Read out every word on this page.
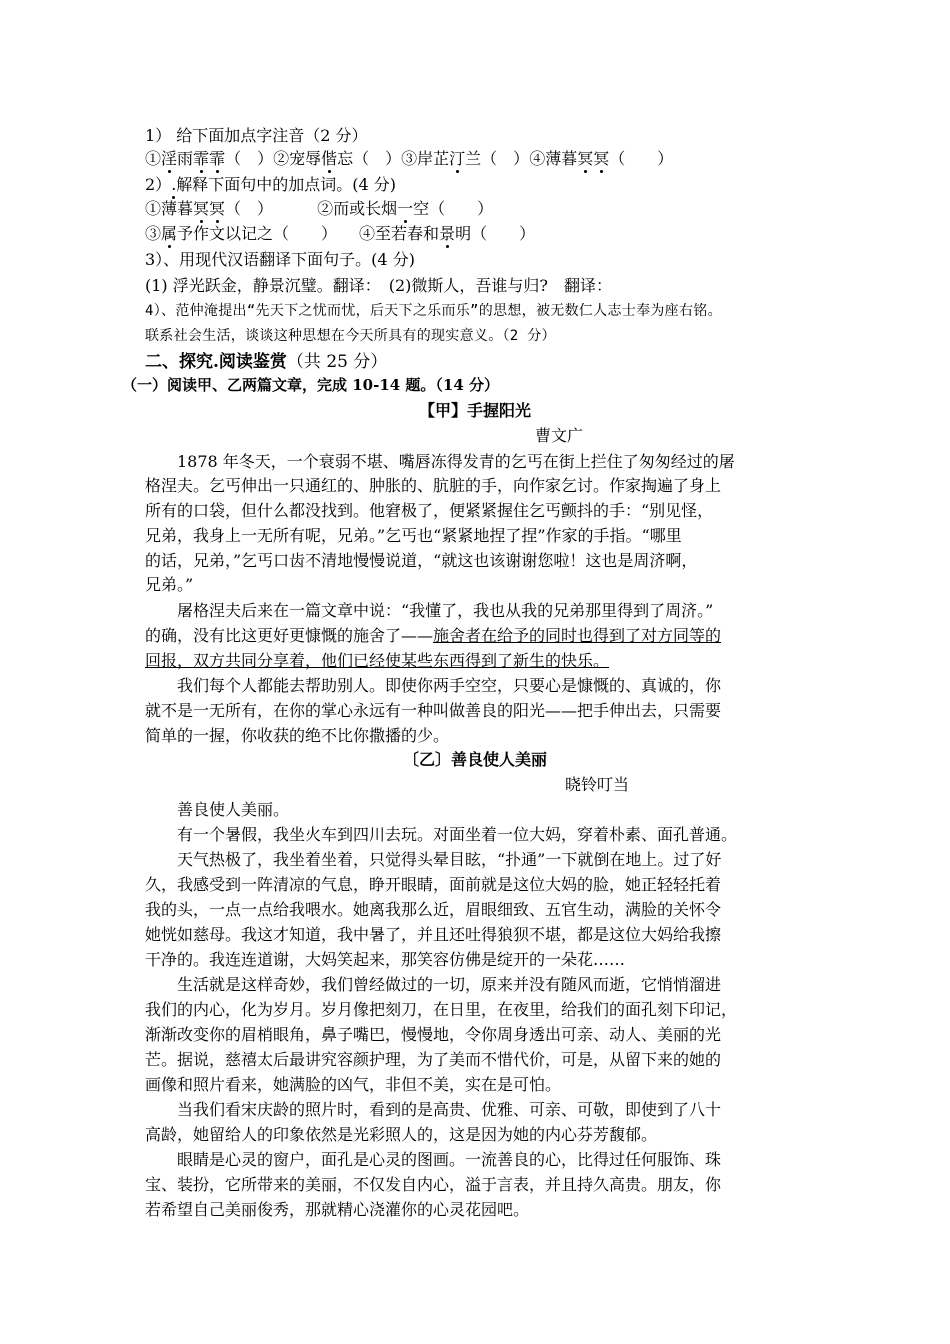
1） 给下面加点字注音（2 分）
①淫雨霏霏（　）②宠辱偕忘（　）③岸芷汀兰（　）④薄暮冥冥（　　）
2）.解释下面句中的加点词。(4 分)
①薄暮冥冥（　）	②而或长烟一空（　　）
③属予作文以记之（　　） ④至若春和景明（　　）
3）、用现代汉语翻译下面句子。(4 分)
(1) 浮光跃金，静景沉璧。翻译：　(2)微斯人，吾谁与归?　翻译：
4）、范仲淹提出“先天下之忧而忧，后天下之乐而乐”的思想，被无数仁人志士奉为座右铭。
联系社会生活，谈谈这种思想在今天所具有的现实意义。（2 分）
二、探究.阅读鉴赏（共 25 分）
（一）阅读甲、乙两篇文章，完成 10-14 题。（14 分）
【甲】手握阳光
曹文广
　　1878 年冬天，一个衰弱不堪、嘴唇冻得发青的乞丐在街上拦住了匆匆经过的屠
格涅夫。乞丐伸出一只通红的、肿胀的、肮脏的手，向作家乞讨。作家掏遍了身上
所有的口袋，但什么都没找到。他窘极了，便紧紧握住乞丐颤抖的手：“别见怪，
兄弟，我身上一无所有呢，兄弟。”乞丐也“紧紧地捏了捏”作家的手指。“哪里
的话，兄弟，”乞丐口齿不清地慢慢说道，“就这也该谢谢您啦！这也是周济啊，
兄弟。”
　　屠格涅夫后来在一篇文章中说：“我懂了，我也从我的兄弟那里得到了周济。”
的确，没有比这更好更慷慨的施舍了——施舍者在给予的同时也得到了对方同等的
回报，双方共同分享着，他们已经使某些东西得到了新生的快乐。
　　我们每个人都能去帮助别人。即使你两手空空，只要心是慷慨的、真诚的，你
就不是一无所有，在你的掌心永远有一种叫做善良的阳光——把手伸出去，只需要
简单的一握，你收获的绝不比你撒播的少。
〔乙〕善良使人美丽
晓铃叮当
　　善良使人美丽。
　　有一个暑假，我坐火车到四川去玩。对面坐着一位大妈，穿着朴素、面孔普通。
　　天气热极了，我坐着坐着，只觉得头晕目眩，“扑通”一下就倒在地上。过了好
久，我感受到一阵清凉的气息，睁开眼睛，面前就是这位大妈的脸，她正轻轻托着
我的头，一点一点给我喂水。她离我那么近，眉眼细致、五官生动，满脸的关怀令
她恍如慈母。我这才知道，我中暑了，并且还吐得狼狈不堪，都是这位大妈给我擦
干净的。我连连道谢，大妈笑起来，那笑容仿佛是绽开的一朵花……
　　生活就是这样奇妙，我们曾经做过的一切，原来并没有随风而逝，它悄悄溜进
我们的内心，化为岁月。岁月像把刻刀，在日里，在夜里，给我们的面孔刻下印记，
渐渐改变你的眉梢眼角，鼻子嘴巴，慢慢地，令你周身透出可亲、动人、美丽的光
芒。据说，慈禧太后最讲究容颜护理，为了美而不惜代价，可是，从留下来的她的
画像和照片看来，她满脸的凶气，非但不美，实在是可怕。
　　当我们看宋庆龄的照片时，看到的是高贵、优雅、可亲、可敬，即使到了八十
高龄，她留给人的印象依然是光彩照人的，这是因为她的内心芬芳馥郁。
　　眼睛是心灵的窗户，面孔是心灵的图画。一流善良的心，比得过任何服饰、珠
宝、装扮，它所带来的美丽，不仅发自内心，溢于言表，并且持久高贵。朋友，你
若希望自己美丽俊秀，那就精心浇灌你的心灵花园吧。
